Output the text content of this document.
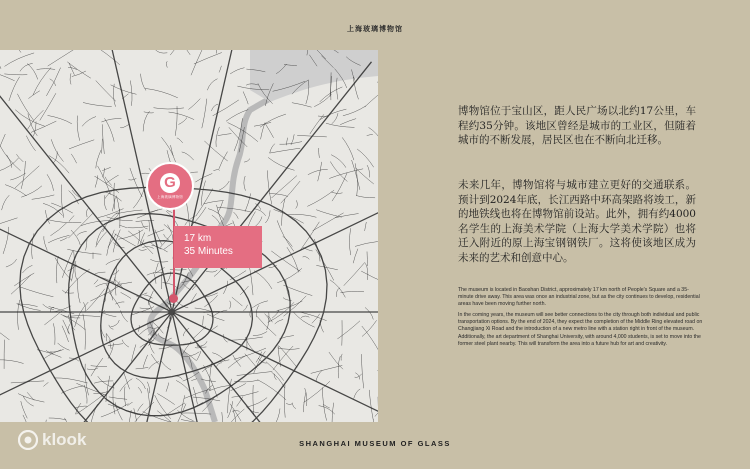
上海玻璃博物馆
G
上海玻璃博物馆
17 km
35 Minutes
博物馆位于宝山区，距人民广场以北约17公里，车程约35分钟。该地区曾经是城市的工业区，但随着城市的不断发展，居民区也在不断向北迁移。
未来几年，博物馆将与城市建立更好的交通联系。预计到2024年底，长江西路中环高架路将竣工，新的地铁线也将在博物馆前设站。此外，拥有约4000名学生的上海美术学院（上海大学美术学院）也将迁入附近的原上海宝钢钢铁厂。这将使该地区成为未来的艺术和创意中心。
The museum is located in Baoshan District, approximately 17 km north of People's Square and a 35-minute drive away. This area was once an industrial zone, but as the city continues to develop, residential areas have been moving further north.
In the coming years, the museum will see better connections to the city through both individual and public transportation options. By the end of 2024, they expect the completion of the Middle Ring elevated road on Changjiang Xi Road and the introduction of a new metro line with a station right in front of the museum. Additionally, the art department of Shanghai University, with around 4,000 students, is set to move into the former steel plant nearby. This will transform the area into a future hub for art and creativity.
klook	SHANGHAI MUSEUM OF GLASS
